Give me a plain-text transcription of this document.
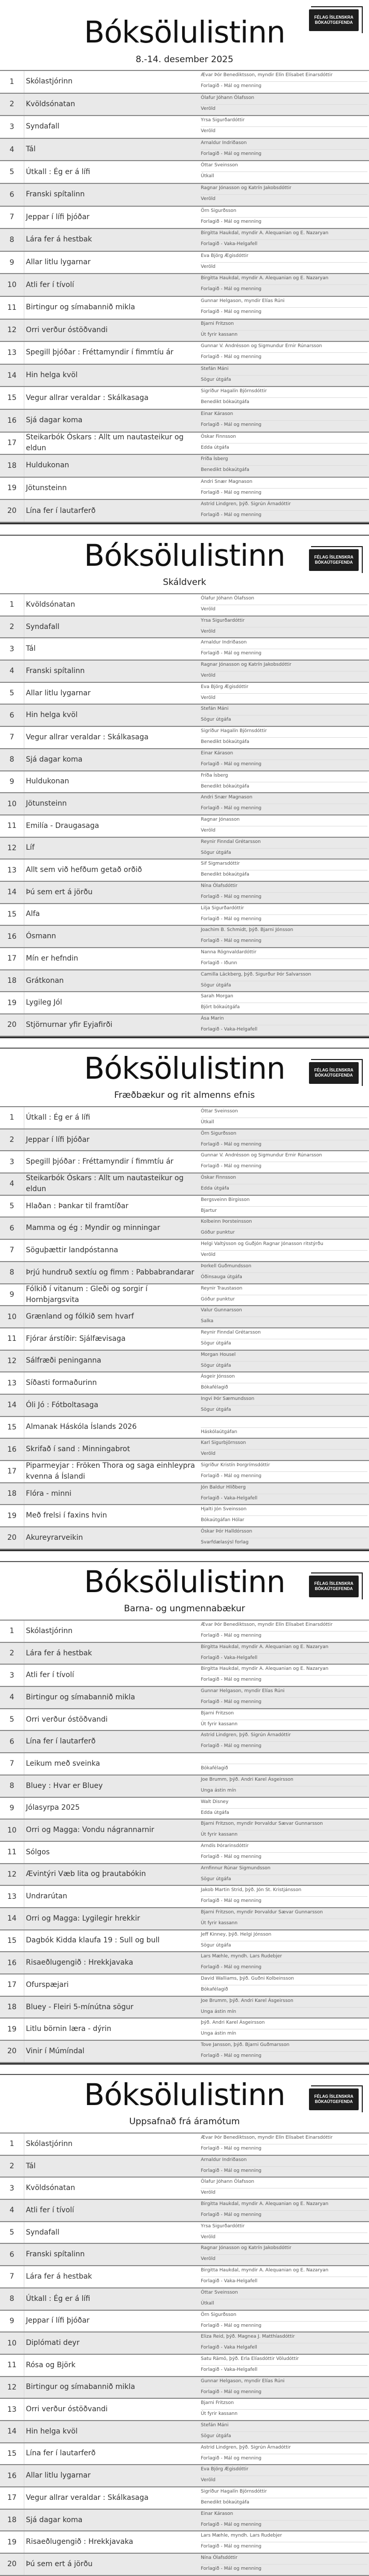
Bóksölulistinn
8.-14. desember 2025
FÉLAG ÍSLENSKRA
BÓKAÚTGEFENDA
1	Skólastjórinn
Ævar Þór Benediktsson, myndir Elín Elísabet Einarsdóttir
Forlagið - Mál og menning
2	Kvöldsónatan
Ólafur Jóhann Ólafsson
Veröld
3	Syndafall
Yrsa Sigurðardóttir
Veröld
4	Tál
Arnaldur Indriðason
Forlagið - Mál og menning
5	Útkall : Ég er á lífi
Óttar Sveinsson
Útkall
6	Franski spítalinn
Ragnar Jónasson og Katrín Jakobsdóttir
Veröld
7	Jeppar í lífi þjóðar
Örn Sigurðsson
Forlagið - Mál og menning
8	Lára fer á hestbak
Birgitta Haukdal, myndir A. Alequanian og E. Nazaryan
Forlagið - Vaka-Helgafell
9	Allar litlu lygarnar
Eva Björg Ægisdóttir
Veröld
10	Atli fer í tívolí
Birgitta Haukdal, myndir A. Alequanian og E. Nazaryan
Forlagið - Mál og menning
11	Birtingur og símabannið mikla
Gunnar Helgason, myndir Elías Rúni
Forlagið - Mál og menning
12	Orri verður óstöðvandi
Bjarni Fritzson
Út fyrir kassann
13	Spegill þjóðar : Fréttamyndir í fimmtíu ár
Gunnar V. Andrésson og Sigmundur Ernir Rúnarsson
Forlagið - Mál og menning
14	Hin helga kvöl
Stefán Máni
Sögur útgáfa
15	Vegur allrar veraldar : Skálkasaga
Sigríður Hagalín Björnsdóttir
Benedikt bókaútgáfa
16	Sjá dagar koma
Einar Kárason
Forlagið - Mál og menning
17
Steikarbók Óskars : Allt um nautasteikur og eldun
Óskar Finnsson
Edda útgáfa
18	Huldukonan
Fríða Ísberg
Benedikt bókaútgáfa
19	Jötunsteinn
Andri Snær Magnason
Forlagið - Mál og menning
20	Lína fer í lautarferð
Astrid Lindgren, þýð. Sigrún Árnadóttir
Forlagið - Mál og menning
Bóksölulistinn
Skáldverk
FÉLAG ÍSLENSKRA
BÓKAÚTGEFENDA
1	Kvöldsónatan
Ólafur Jóhann Ólafsson
Veröld
2	Syndafall
Yrsa Sigurðardóttir
Veröld
3	Tál
Arnaldur Indriðason
Forlagið - Mál og menning
4	Franski spítalinn
Ragnar Jónasson og Katrín Jakobsdóttir
Veröld
5	Allar litlu lygarnar
Eva Björg Ægisdóttir
Veröld
6	Hin helga kvöl
Stefán Máni
Sögur útgáfa
7	Vegur allrar veraldar : Skálkasaga
Sigríður Hagalín Björnsdóttir
Benedikt bókaútgáfa
8	Sjá dagar koma
Einar Kárason
Forlagið - Mál og menning
9	Huldukonan
Fríða Ísberg
Benedikt bókaútgáfa
10	Jötunsteinn
Andri Snær Magnason
Forlagið - Mál og menning
11	Emilía - Draugasaga
Ragnar Jónasson
Veröld
12	Líf
Reynir Finndal Grétarsson
Sögur útgáfa
13	Allt sem við hefðum getað orðið
Sif Sigmarsdóttir
Benedikt bókaútgáfa
14	Þú sem ert á jörðu
Nína Ólafsdóttir
Forlagið - Mál og menning
15	Alfa
Lilja Sigurðardóttir
Forlagið - Mál og menning
16	Ósmann
Joachim B. Schmidt, þýð. Bjarni Jónsson
Forlagið - Mál og menning
17	Mín er hefndin
Nanna Rögnvaldardóttir
Forlagið - Iðunn
18	Grátkonan
Camilla Läckberg, þýð. Sigurður Þór Salvarsson
Sögur útgáfa
19	Lygileg Jól
Sarah Morgan
Björt bókaútgáfa
20	Stjörnurnar yfir Eyjafirði
Ása Marin
Forlagið - Vaka-Helgafell
Bóksölulistinn
Fræðbækur og rit almenns efnis
FÉLAG ÍSLENSKRA
BÓKAÚTGEFENDA
1	Útkall : Ég er á lífi
Óttar Sveinsson
Útkall
2	Jeppar í lífi þjóðar
Örn Sigurðsson
Forlagið - Mál og menning
3	Spegill þjóðar : Fréttamyndir í fimmtíu ár
Gunnar V. Andrésson og Sigmundur Ernir Rúnarsson
Forlagið - Mál og menning
4
Steikarbók Óskars : Allt um nautasteikur og eldun
Óskar Finnsson
Edda útgáfa
5	Hlaðan : Þankar til framtíðar
Bergsveinn Birgisson
Bjartur
6	Mamma og ég : Myndir og minningar
Kolbeinn Þorsteinsson
Góður punktur
7	Söguþættir landpóstanna
Helgi Valtýsson og Guðjón Ragnar Jónasson ritstýrðu
Veröld
8	Þrjú hundruð sextíu og fimm : Pabbabrandarar
Þorkell Guðmundsson
Óðinsauga útgáfa
9
Fólkið í vitanum : Gleði og sorgir í Hornbjargsvita
Reynir Traustason
Góður punktur
10	Grænland og fólkið sem hvarf
Valur Gunnarsson
Salka
11	Fjórar árstíðir: Sjálfævisaga
Reynir Finndal Grétarsson
Sögur útgáfa
12	Sálfræði peninganna
Morgan Housel
Sögur útgáfa
13	Síðasti formaðurinn
Ásgeir Jónsson
Bókafélagið
14	Óli Jó : Fótboltasaga
Ingvi Þór Sæmundsson
Sögur útgáfa
15	Almanak Háskóla Íslands 2026
Háskólaútgáfan
16	Skrifað í sand : Minningabrot
Karl Sigurbjörnsson
Veröld
17
Piparmeyjar : Fröken Thora og saga einhleypra kvenna á Íslandi
Sigríður Kristín Þorgrímsdóttir
Forlagið - Mál og menning
18	Flóra - minni
Jón Baldur Hlíðberg
Forlagið - Vaka-Helgafell
19	Með frelsi í faxins hvin
Hjalti Jón Sveinsson
Bókaútgáfan Hólar
20	Akureyrarveikin
Óskar Þór Halldórsson
Svarfdælasýsl forlag
Bóksölulistinn
Barna- og ungmennabækur
FÉLAG ÍSLENSKRA
BÓKAÚTGEFENDA
1	Skólastjórinn
Ævar Þór Benediktsson, myndir Elín Elísabet Einarsdóttir
Forlagið - Mál og menning
2	Lára fer á hestbak
Birgitta Haukdal, myndir A. Alequanian og E. Nazaryan
Forlagið - Vaka-Helgafell
3	Atli fer í tívolí
Birgitta Haukdal, myndir A. Alequanian og E. Nazaryan
Forlagið - Mál og menning
4	Birtingur og símabannið mikla
Gunnar Helgason, myndir Elías Rúni
Forlagið - Mál og menning
5	Orri verður óstöðvandi
Bjarni Fritzson
Út fyrir kassann
6	Lína fer í lautarferð
Astrid Lindgren, þýð. Sigrún Árnadóttir
Forlagið - Mál og menning
7	Leikum með sveinka
Bókafélagið
8	Bluey : Hvar er Bluey
Joe Brumm, þýð. Andri Karel Ásgeirsson
Unga ástin mín
9	Jólasyrpa 2025
Walt Disney
Edda útgáfa
10	Orri og Magga: Vondu nágrannarnir
Bjarni Fritzson, myndir Þorvaldur Sævar Gunnarsson
Út fyrir kassann
11	Sólgos
Arndís Þórarinsdóttir
Forlagið - Mál og menning
12	Ævintýri Væb lita og þrautabókin
Arnfinnur Rúnar Sigmundsson
Sögur útgáfa
13	Undrarútan
Jakob Martin Strid, þýð. Jón St. Kristjánsson
Forlagið - Mál og menning
14	Orri og Magga: Lygilegir hrekkir
Bjarni Fritzson, myndir Þorvaldur Sævar Gunnarsson
Út fyrir kassann
15	Dagbók Kidda klaufa 19 : Sull og bull
Jeff Kinney, þýð. Helgi Jónsson
Sögur útgáfa
16	Risaeðlugengið : Hrekkjavaka
Lars Mæhle, myndh. Lars Rudebjer
Forlagið - Mál og menning
17	Ofurspæjari
David Walliams, þýð. Guðni Kolbeinsson
Bókafélagið
18	Bluey - Fleiri 5-mínútna sögur
Joe Brumm, þýð. Andri Karel Ásgeirsson
Unga ástin mín
19	Litlu börnin læra - dýrin
þýð. Andri Karel Ásgeirsson
Unga ástin mín
20	Vinir í Múmíndal
Tove Jansson, þýð. Bjarni Guðmarsson
Forlagið - Mál og menning
Bóksölulistinn
Uppsafnað frá áramótum
FÉLAG ÍSLENSKRA
BÓKAÚTGEFENDA
1	Skólastjórinn
Ævar Þór Benediktsson, myndir Elín Elísabet Einarsdóttir
Forlagið - Mál og menning
2	Tál
Arnaldur Indriðason
Forlagið - Mál og menning
3	Kvöldsónatan
Ólafur Jóhann Ólafsson
Veröld
4	Atli fer í tívolí
Birgitta Haukdal, myndir A. Alequanian og E. Nazaryan
Forlagið - Mál og menning
5	Syndafall
Yrsa Sigurðardóttir
Veröld
6	Franski spítalinn
Ragnar Jónasson og Katrín Jakobsdóttir
Veröld
7	Lára fer á hestbak
Birgitta Haukdal, myndir A. Alequanian og E. Nazaryan
Forlagið - Vaka-Helgafell
8	Útkall : Ég er á lífi
Óttar Sveinsson
Útkall
9	Jeppar í lífi þjóðar
Örn Sigurðsson
Forlagið - Mál og menning
10	Diplómati deyr
Eliza Reid, þýð. Magnea J. Matthíasdóttir
Forlagið - Vaka Helgafell
11	Rósa og Björk
Satu Rämö, þýð. Erla Elíasdóttir Völudóttir
Forlagið - Vaka-Helgafell
12	Birtingur og símabannið mikla
Gunnar Helgason, myndir Elías Rúni
Forlagið - Mál og menning
13	Orri verður óstöðvandi
Bjarni Fritzson
Út fyrir kassann
14	Hin helga kvöl
Stefán Máni
Sögur útgáfa
15	Lína fer í lautarferð
Astrid Lindgren, þýð. Sigrún Árnadóttir
Forlagið - Mál og menning
16	Allar litlu lygarnar
Eva Björg Ægisdóttir
Veröld
17	Vegur allrar veraldar : Skálkasaga
Sigríður Hagalín Björnsdóttir
Benedikt bókaútgáfa
18	Sjá dagar koma
Einar Kárason
Forlagið - Mál og menning
19	Risaeðlugengið : Hrekkjavaka
Lars Mæhle, myndh. Lars Rudebjer
Forlagið - Mál og menning
20	Þú sem ert á jörðu
Nína Ólafsdóttir
Forlagið - Mál og menning
